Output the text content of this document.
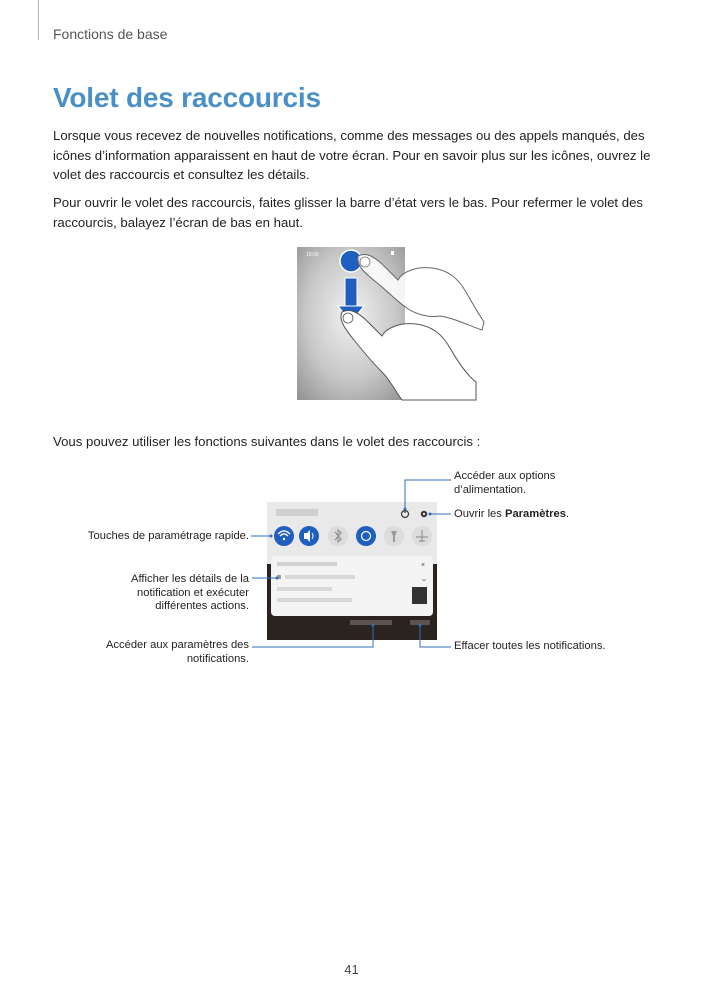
Fonctions de base
Volet des raccourcis

Lorsque vous recevez de nouvelles notifications, comme des messages ou des appels manqués, des icônes d’information apparaissent en haut de votre écran. Pour en savoir plus sur les icônes, ouvrez le volet des raccourcis et consultez les détails.

Pour ouvrir le volet des raccourcis, faites glisser la barre d’état vers le bas. Pour refermer le volet des raccourcis, balayez l’écran de bas en haut.

10:00

Vous pouvez utiliser les fonctions suivantes dans le volet des raccourcis :

×
Accéder aux options d’alimentation.
Ouvrir les Paramètres.
Touches de paramétrage rapide.
Afficher les détails de la notification et exécuter différentes actions.
Accéder aux paramètres des notifications.
Effacer toutes les notifications.
41
